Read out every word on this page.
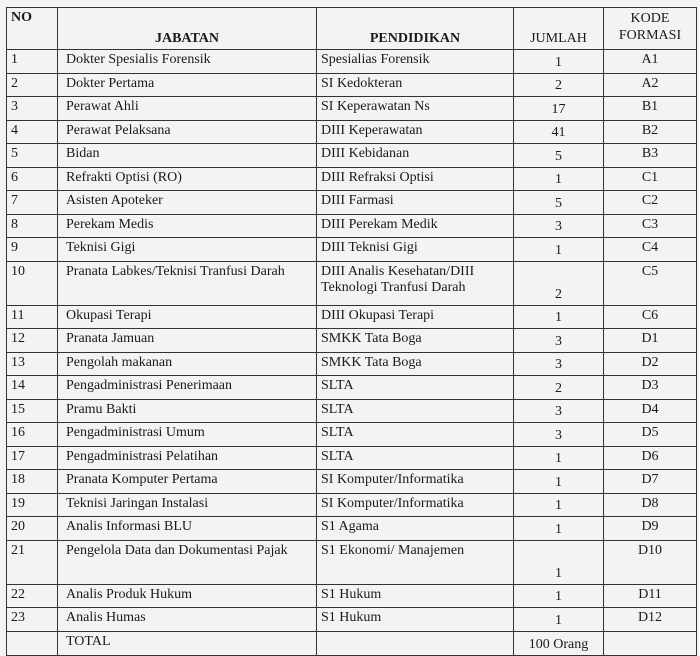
NO	JABATAN	PENDIDIKAN	JUMLAH	KODE
FORMASI
1	Dokter Spesialis Forensik	Spesialias Forensik	1	A1
2	Dokter Pertama	SI Kedokteran	2	A2
3	Perawat Ahli	SI Keperawatan Ns	17	B1
4	Perawat Pelaksana	DIII Keperawatan	41	B2
5	Bidan	DIII Kebidanan	5	B3
6	Refrakti Optisi (RO)	DIII Refraksi Optisi	1	C1
7	Asisten Apoteker	DIII Farmasi	5	C2
8	Perekam Medis	DIII Perekam Medik	3	C3
9	Teknisi Gigi	DIII Teknisi Gigi	1	C4
10	Pranata Labkes/Teknisi Tranfusi Darah	DIII Analis Kesehatan/DIII Teknologi Tranfusi Darah	2	C5
11	Okupasi Terapi	DIII Okupasi Terapi	1	C6
12	Pranata Jamuan	SMKK Tata Boga	3	D1
13	Pengolah makanan	SMKK Tata Boga	3	D2
14	Pengadministrasi Penerimaan	SLTA	2	D3
15	Pramu Bakti	SLTA	3	D4
16	Pengadministrasi Umum	SLTA	3	D5
17	Pengadministrasi Pelatihan	SLTA	1	D6
18	Pranata Komputer Pertama	SI Komputer/Informatika	1	D7
19	Teknisi Jaringan Instalasi	SI Komputer/Informatika	1	D8
20	Analis Informasi BLU	S1 Agama	1	D9
21	Pengelola Data dan Dokumentasi Pajak	S1 Ekonomi/ Manajemen	1	D10
22	Analis Produk Hukum	S1 Hukum	1	D11
23	Analis Humas	S1 Hukum	1	D12
	TOTAL		100 Orang	
